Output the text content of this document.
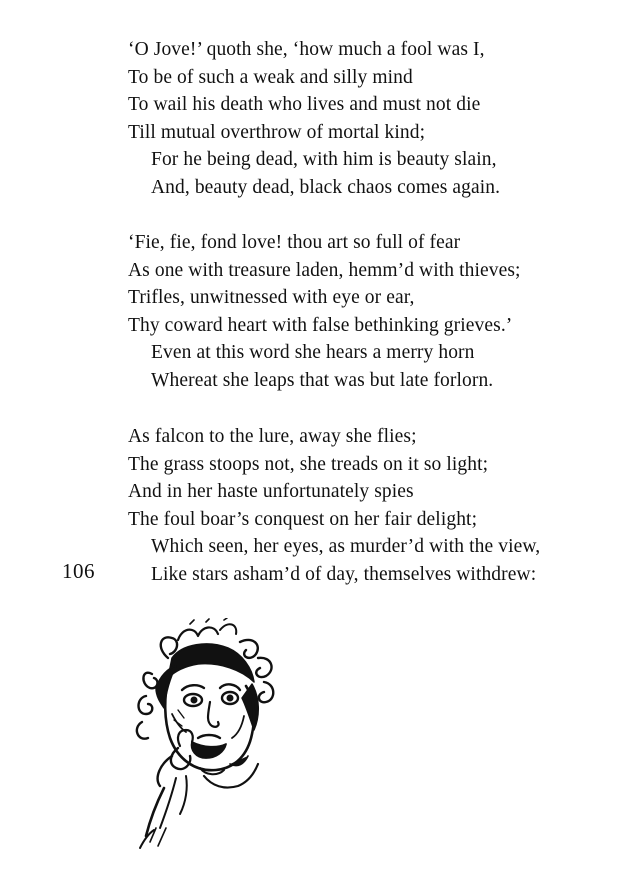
‘O Jove!’ quoth she, ‘how much a fool was I,
To be of such a weak and silly mind
To wail his death who lives and must not die
Till mutual overthrow of mortal kind;
For he being dead, with him is beauty slain,
And, beauty dead, black chaos comes again.
‘Fie, fie, fond love! thou art so full of fear
As one with treasure laden, hemm’d with thieves;
Trifles, unwitnessed with eye or ear,
Thy coward heart with false bethinking grieves.’
Even at this word she hears a merry horn
Whereat she leaps that was but late forlorn.
As falcon to the lure, away she flies;
The grass stoops not, she treads on it so light;
And in her haste unfortunately spies
The foul boar’s conquest on her fair delight;
Which seen, her eyes, as murder’d with the view,
Like stars asham’d of day, themselves withdrew:
106
